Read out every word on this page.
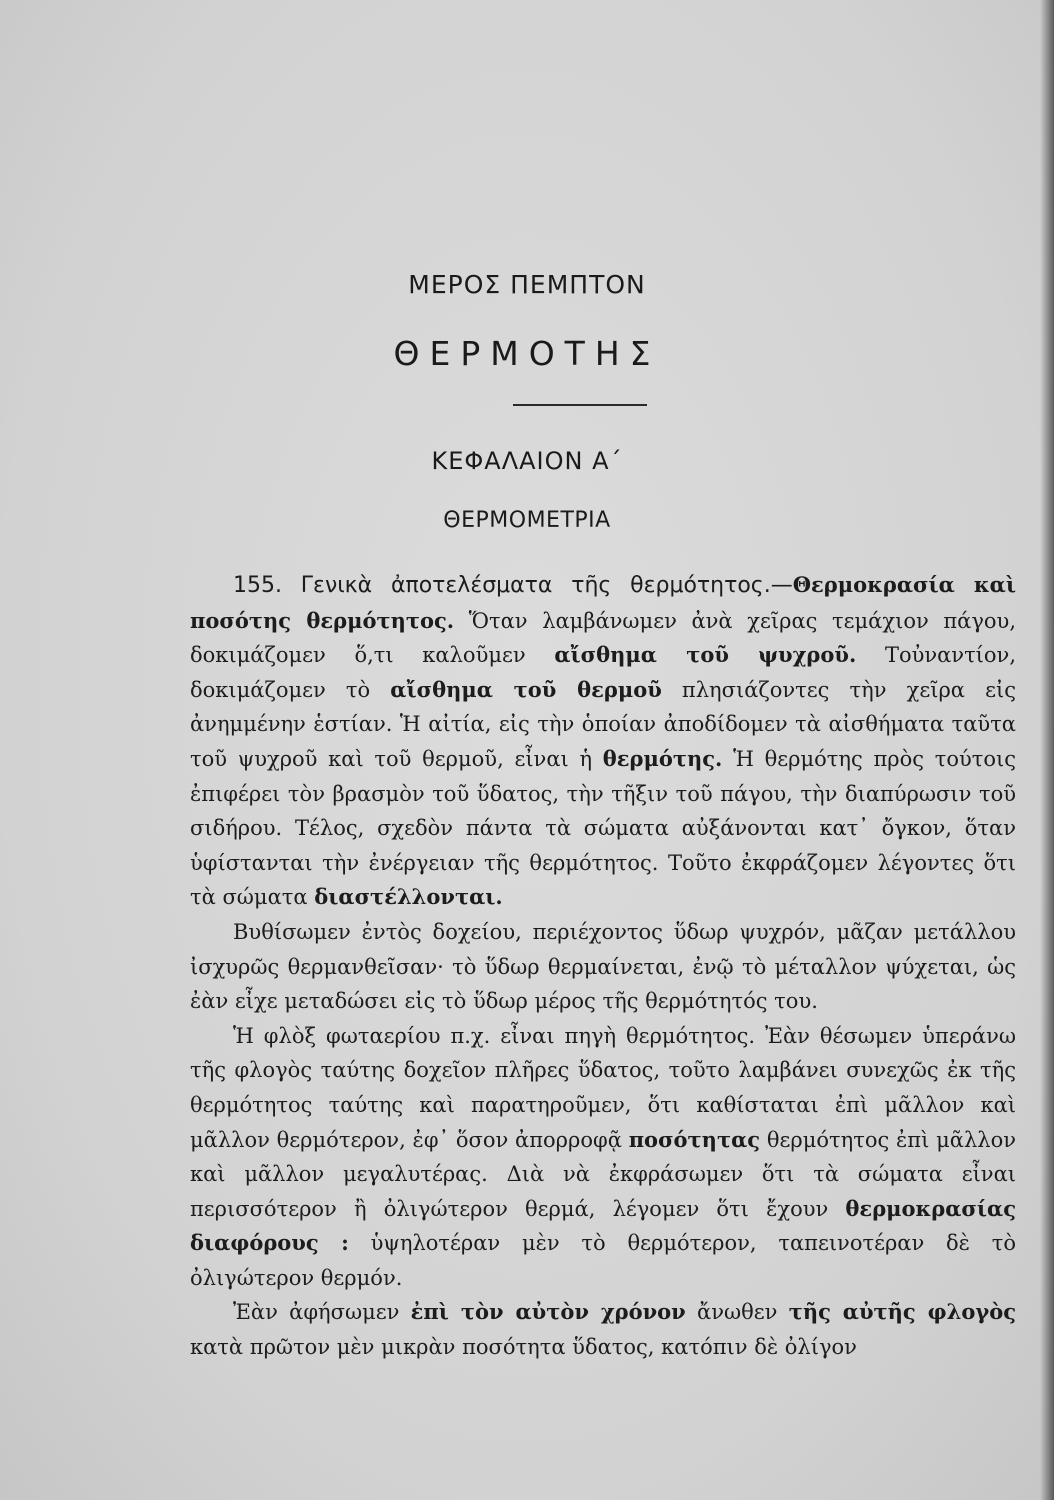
ΜΕΡΟΣ ΠΕΜΠΤΟΝ
ΘΕΡΜΟΤΗΣ
ΚΕΦΑΛΑΙΟΝ Α΄
ΘΕΡΜΟΜΕΤΡΙΑ

155. Γενικὰ ἀποτελέσματα τῆς θερμότητος.—Θερμοκρασία καὶ ποσότης θερμότητος. Ὅταν λαμβάνωμεν ἀνὰ χεῖρας τεμάχιον πάγου, δοκιμάζομεν ὅ,τι καλοῦμεν αἴσθημα τοῦ ψυχροῦ. Τοὐναντίον, δοκιμάζομεν τὸ αἴσθημα τοῦ θερμοῦ πλησιάζοντες τὴν χεῖρα εἰς ἀνημμένην ἑστίαν. Ἡ αἰτία, εἰς τὴν ὁποίαν ἀποδίδομεν τὰ αἰσθήματα ταῦτα τοῦ ψυχροῦ καὶ τοῦ θερμοῦ, εἶναι ἡ θερμότης. Ἡ θερμότης πρὸς τούτοις ἐπιφέρει τὸν βρασμὸν τοῦ ὕδατος, τὴν τῆξιν τοῦ πάγου, τὴν διαπύρωσιν τοῦ σιδήρου. Τέλος, σχεδὸν πάντα τὰ σώματα αὐξάνονται κατ᾽ ὄγκον, ὅταν ὑφίστανται τὴν ἐνέργειαν τῆς θερμότητος. Τοῦτο ἐκφράζομεν λέγοντες ὅτι τὰ σώματα διαστέλλονται.

Βυθίσωμεν ἐντὸς δοχείου, περιέχοντος ὕδωρ ψυχρόν, μᾶζαν μετάλλου ἰσχυρῶς θερμανθεῖσαν· τὸ ὕδωρ θερμαίνεται, ἐνῷ τὸ μέταλλον ψύχεται, ὡς ἐὰν εἶχε μεταδώσει εἰς τὸ ὕδωρ μέρος τῆς θερμότητός του.

Ἡ φλὸξ φωταερίου π.χ. εἶναι πηγὴ θερμότητος. Ἐὰν θέσωμεν ὑπεράνω τῆς φλογὸς ταύτης δοχεῖον πλῆρες ὕδατος, τοῦτο λαμβάνει συνεχῶς ἐκ τῆς θερμότητος ταύτης καὶ παρατηροῦμεν, ὅτι καθίσταται ἐπὶ μᾶλλον καὶ μᾶλλον θερμότερον, ἐφ᾽ ὅσον ἀπορροφᾷ ποσότητας θερμότητος ἐπὶ μᾶλλον καὶ μᾶλλον μεγαλυτέρας. Διὰ νὰ ἐκφράσωμεν ὅτι τὰ σώματα εἶναι περισσότερον ἢ ὀλιγώτερον θερμά, λέγομεν ὅτι ἔχουν θερμοκρασίας διαφόρους : ὑψηλοτέραν μὲν τὸ θερμότερον, ταπεινοτέραν δὲ τὸ ὀλιγώτερον θερμόν.

Ἐὰν ἀφήσωμεν ἐπὶ τὸν αὐτὸν χρόνον ἄνωθεν τῆς αὐτῆς φλογὸς κατὰ πρῶτον μὲν μικρὰν ποσότητα ὕδατος, κατόπιν δὲ ὀλίγον
